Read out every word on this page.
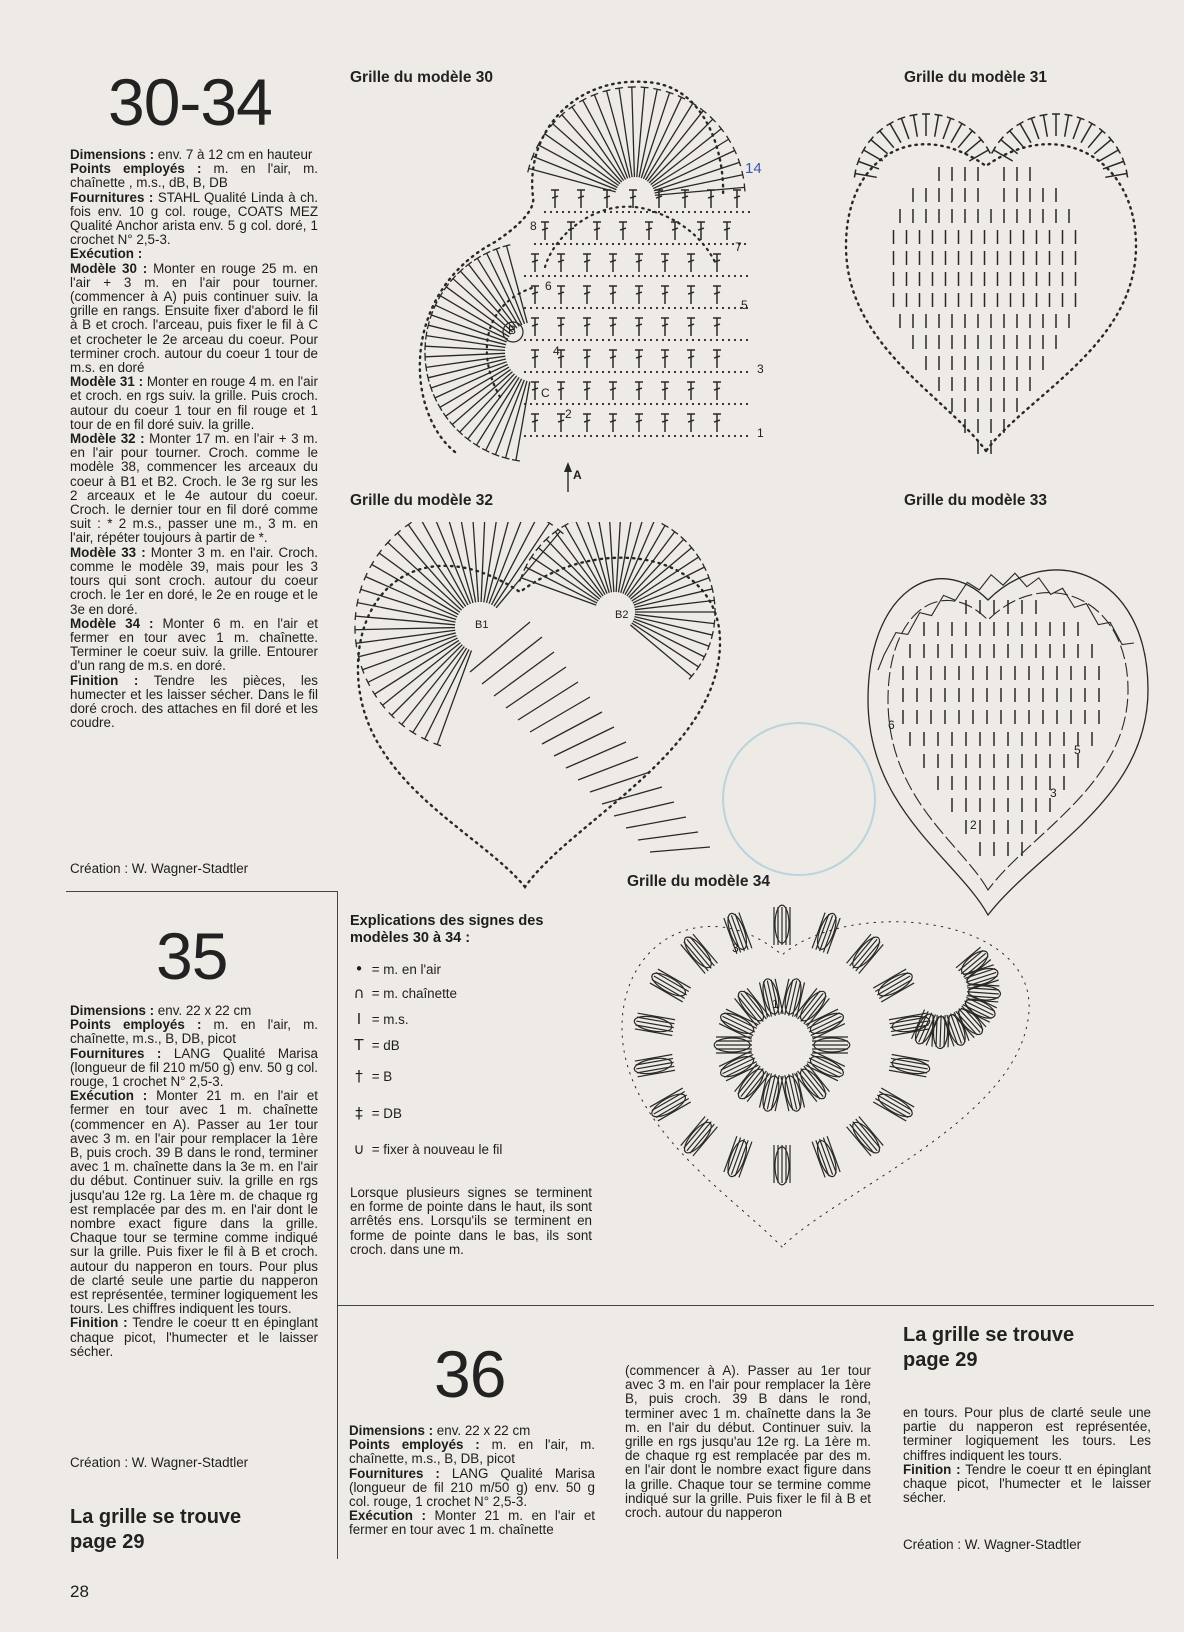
30-34

Dimensions : env. 7 à 12 cm en hauteur

Points employés : m. en l'air, m. chaînette , m.s., dB, B, DB

Fournitures : STAHL Qualité Linda à ch. fois env. 10 g col. rouge, COATS MEZ Qualité Anchor arista env. 5 g col. doré, 1 crochet N° 2,5-3.

Exécution :

Modèle 30 : Monter en rouge 25 m. en l'air + 3 m. en l'air pour tourner. (commencer à A) puis continuer suiv. la grille en rangs. Ensuite fixer d'abord le fil à B et croch. l'arceau, puis fixer le fil à C et crocheter le 2e arceau du coeur. Pour terminer croch. autour du coeur 1 tour de m.s. en doré

Modèle 31 : Monter en rouge 4 m. en l'air et croch. en rgs suiv. la grille. Puis croch. autour du coeur 1 tour en fil rouge et 1 tour de en fil doré suiv. la grille.

Modèle 32 : Monter 17 m. en l'air + 3 m. en l'air pour tourner. Croch. comme le modèle 38, commencer les arceaux du coeur à B1 et B2. Croch. le 3e rg sur les 2 arceaux et le 4e autour du coeur. Croch. le dernier tour en fil doré comme suit : * 2 m.s., passer une m., 3 m. en l'air, répéter toujours à partir de *.

Modèle 33 : Monter 3 m. en l'air. Croch. comme le modèle 39, mais pour les 3 tours qui sont croch. autour du coeur croch. le 1er en doré, le 2e en rouge et le 3e en doré.

Modèle 34 : Monter 6 m. en l'air et fermer en tour avec 1 m. chaînette. Terminer le coeur suiv. la grille. Entourer d'un rang de m.s. en doré.

Finition : Tendre les pièces, les humecter et les laisser sécher. Dans le fil doré croch. des attaches en fil doré et les coudre.

Création : W. Wagner-Stadtler
35

Dimensions : env. 22 x 22 cm

Points employés : m. en l'air, m. chaînette, m.s., B, DB, picot

Fournitures : LANG Qualité Marisa (longueur de fil 210 m/50 g) env. 50 g col. rouge, 1 crochet N° 2,5-3.

Exécution : Monter 21 m. en l'air et fermer en tour avec 1 m. chaînette (commencer en A). Passer au 1er tour avec 3 m. en l'air pour remplacer la 1ère B, puis croch. 39 B dans le rond, terminer avec 1 m. chaînette dans la 3e m. en l'air du début. Continuer suiv. la grille en rgs jusqu'au 12e rg. La 1ère m. de chaque rg est remplacée par des m. en l'air dont le nombre exact figure dans la grille. Chaque tour se termine comme indiqué sur la grille. Puis fixer le fil à B et croch. autour du napperon en tours. Pour plus de clarté seule une partie du napperon est représentée, terminer logiquement les tours. Les chiffres indiquent les tours.

Finition : Tendre le coeur tt en épinglant chaque picot, l'humecter et le laisser sécher.

Création : W. Wagner-Stadtler
La grille se trouve
page 29
36

Dimensions : env. 22 x 22 cm

Points employés : m. en l'air, m. chaînette, m.s., B, DB, picot

Fournitures : LANG Qualité Marisa (longueur de fil 210 m/50 g) env. 50 g col. rouge, 1 crochet N° 2,5-3.

Exécution : Monter 21 m. en l'air et fermer en tour avec 1 m. chaînette

(commencer à A). Passer au 1er tour avec 3 m. en l'air pour remplacer la 1ère B, puis croch. 39 B dans le rond, terminer avec 1 m. chaînette dans la 3e m. en l'air du début. Continuer suiv. la grille en rgs jusqu'au 12e rg. La 1ère m. de chaque rg est remplacée par des m. en l'air dont le nombre exact figure dans la grille. Chaque tour se termine comme indiqué sur la grille. Puis fixer le fil à B et croch. autour du napperon

La grille se trouve
page 29

en tours. Pour plus de clarté seule une partie du napperon est représentée, terminer logiquement les tours. Les chiffres indiquent les tours.

Finition : Tendre le coeur tt en épinglant chaque picot, l'humecter et le laisser sécher.

Création : W. Wagner-Stadtler
28
Grille du modèle 30	Grille du modèle 31
Grille du modèle 32	Grille du modèle 33
Grille du modèle 34
Explications des signes des modèles 30 à 34 :
•
= m. en l'air
∩
= m. chaînette
I
= m.s.
T
= dB
†
= B
‡
= DB
∪
= fixer à nouveau le fil
Lorsque plusieurs signes se terminent en forme de pointe dans le haut, ils sont arrêtés ens. Lorsqu'ils se terminent en forme de pointe dans le bas, ils sont croch. dans une m.
A
B
C
14
1
2
3
4
5
6
7
8
B1
B2
6
5
3
2
3
1
